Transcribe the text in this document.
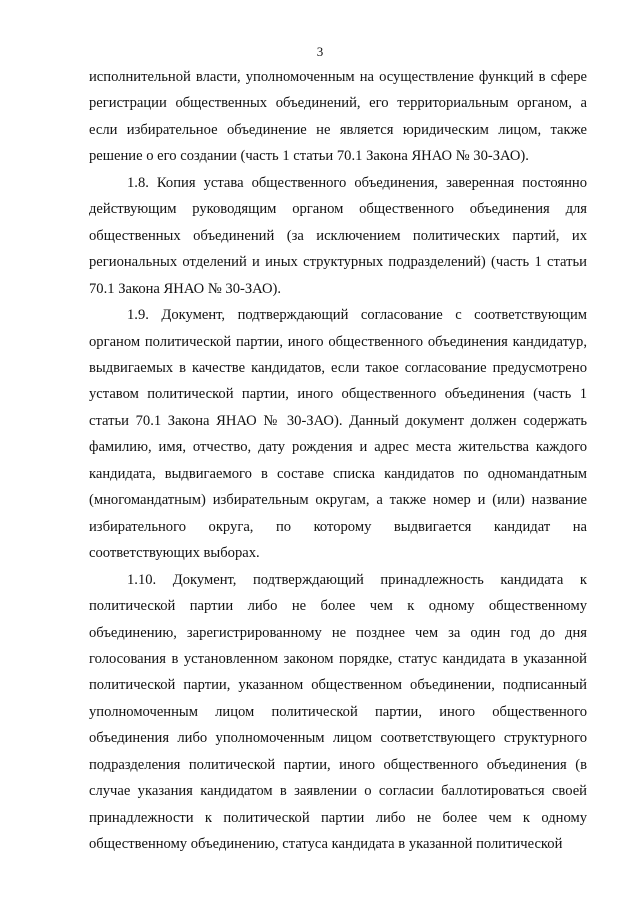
3

исполнительной власти, уполномоченным на осуществление функций в сфере регистрации общественных объединений, его территориальным органом, а если избирательное объединение не является юридическим лицом, также решение о его создании (часть 1 статьи 70.1 Закона ЯНАО № 30-ЗАО).

1.8. Копия устава общественного объединения, заверенная постоянно действующим руководящим органом общественного объединения для общественных объединений (за исключением политических партий, их региональных отделений и иных структурных подразделений) (часть 1 статьи 70.1 Закона ЯНАО № 30-ЗАО).

1.9. Документ, подтверждающий согласование с соответствующим органом политической партии, иного общественного объединения кандидатур, выдвигаемых в качестве кандидатов, если такое согласование предусмотрено уставом политической партии, иного общественного объединения (часть 1 статьи 70.1 Закона ЯНАО № 30-ЗАО). Данный документ должен содержать фамилию, имя, отчество, дату рождения и адрес места жительства каждого кандидата, выдвигаемого в составе списка кандидатов по одномандатным (многомандатным) избирательным округам, а также номер и (или) название избирательного округа, по которому выдвигается кандидат на соответствующих выборах.

1.10. Документ, подтверждающий принадлежность кандидата к политической партии либо не более чем к одному общественному объединению, зарегистрированному не позднее чем за один год до дня голосования в установленном законом порядке, статус кандидата в указанной политической партии, указанном общественном объединении, подписанный уполномоченным лицом политической партии, иного общественного объединения либо уполномоченным лицом соответствующего структурного подразделения политической партии, иного общественного объединения (в случае указания кандидатом в заявлении о согласии баллотироваться своей принадлежности к политической партии либо не более чем к одному общественному объединению, статуса кандидата в указанной политической
